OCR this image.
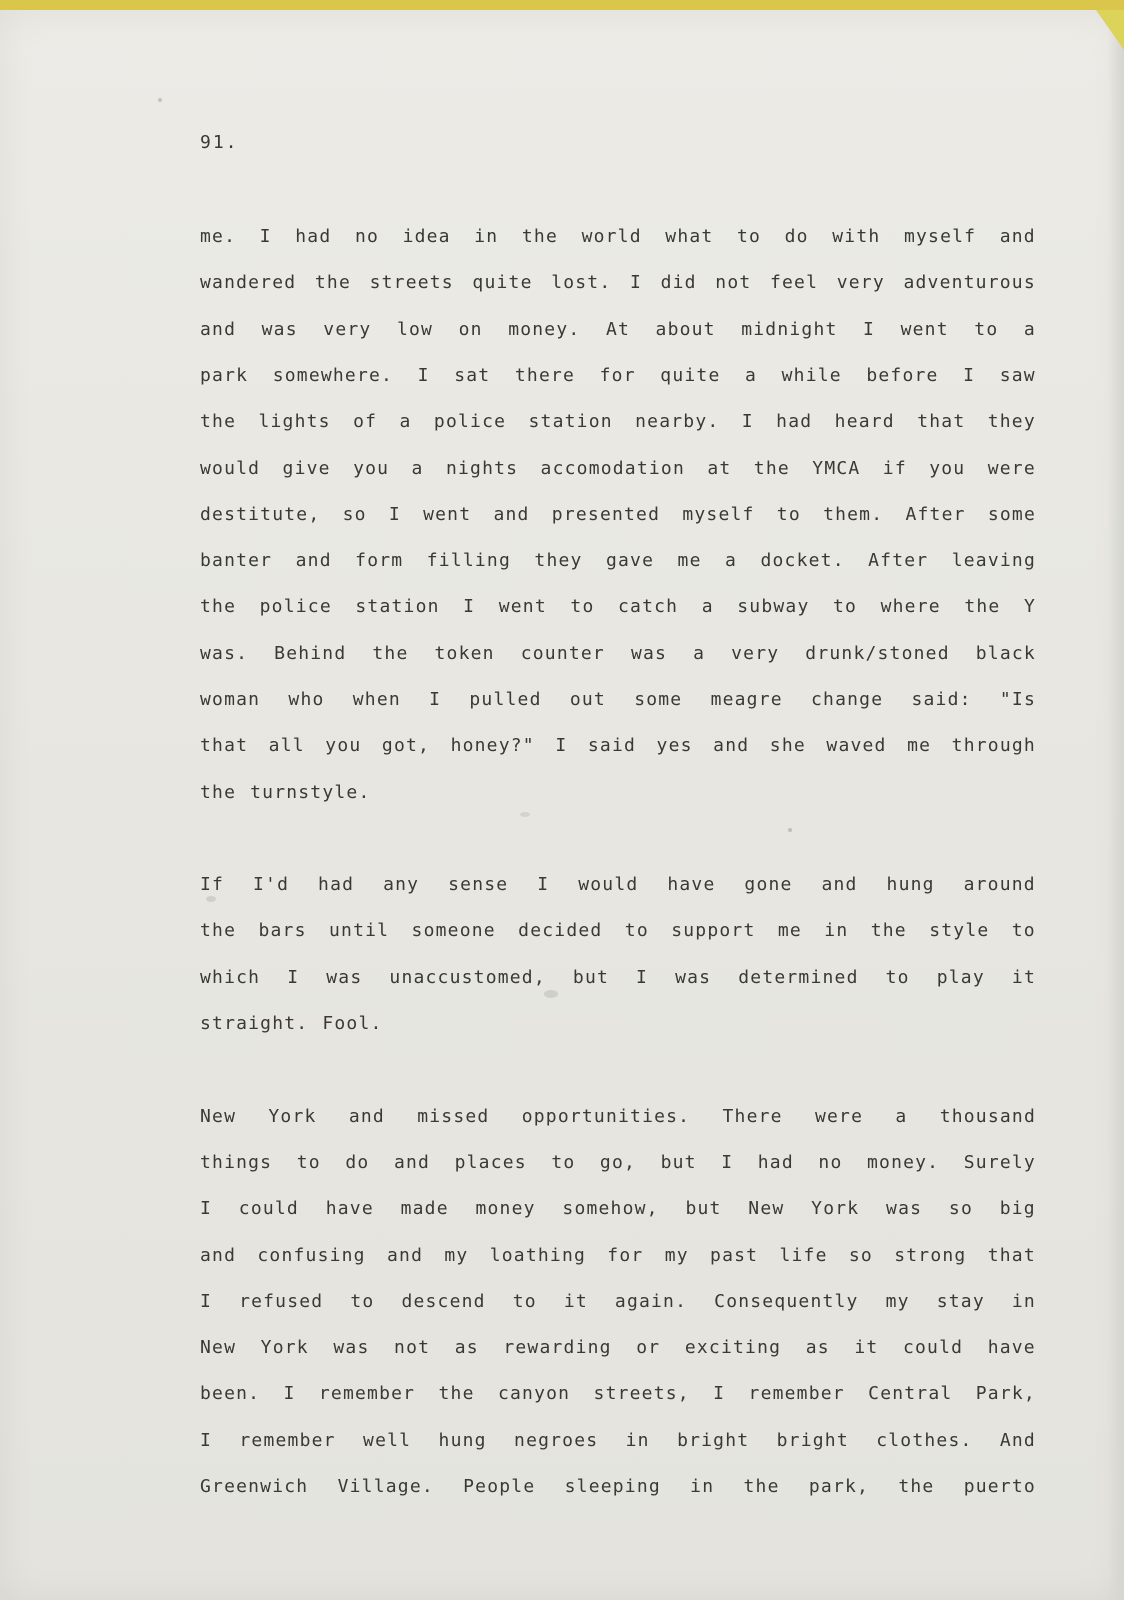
91.
me. I had no idea in the world what to do with myself and
wandered the streets quite lost. I did not feel very adventurous
and was very low on money. At about midnight I went to a
park somewhere. I sat there for quite a while before I saw
the lights of a police station nearby. I had heard that they
would give you a nights accomodation at the YMCA if you were
destitute, so I went and presented myself to them. After some
banter and form filling they gave me a docket. After leaving
the police station I went to catch a subway to where the Y
was. Behind the token counter was a very drunk/stoned black
woman who when I pulled out some meagre change said: "Is
that all you got, honey?" I said yes and she waved me through
the turnstyle.
If I'd had any sense I would have gone and hung around
the bars until someone decided to support me in the style to
which I was unaccustomed, but I was determined to play it
straight. Fool.
New York and missed opportunities. There were a thousand
things to do and places to go, but I had no money. Surely
I could have made money somehow, but New York was so big
and confusing and my loathing for my past life so strong that
I refused to descend to it again. Consequently my stay in
New York was not as rewarding or exciting as it could have
been. I remember the canyon streets, I remember Central Park,
I remember well hung negroes in bright bright clothes. And
Greenwich Village. People sleeping in the park, the puerto
